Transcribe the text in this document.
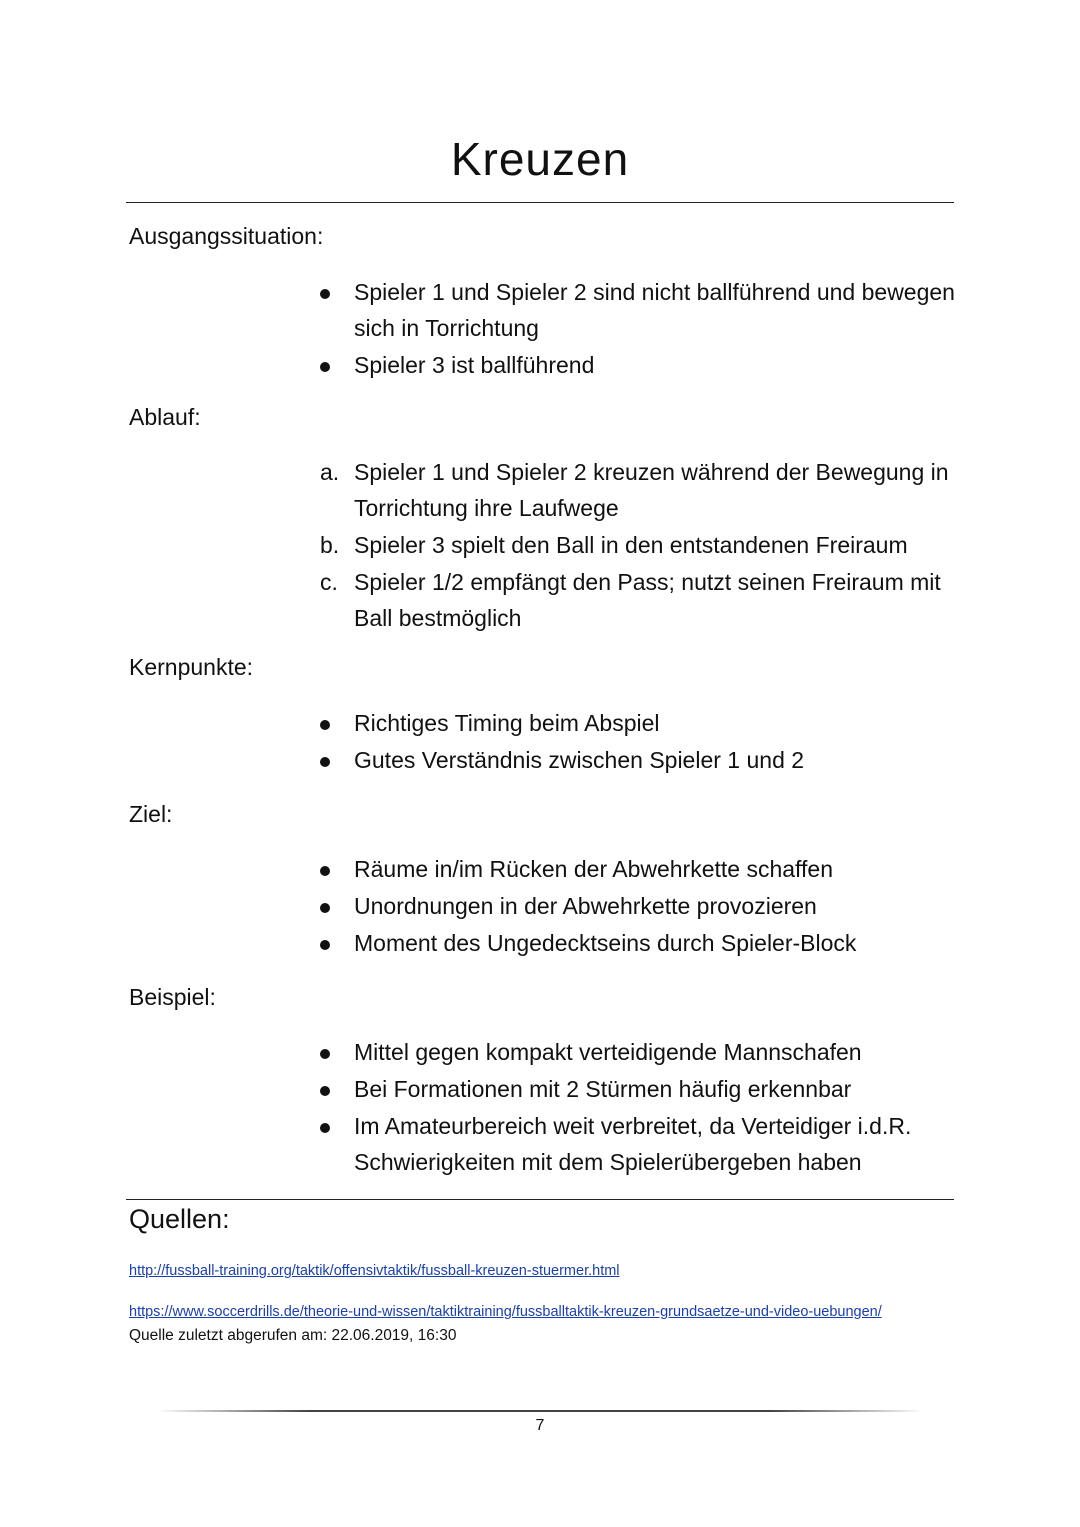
Kreuzen

Ausgangssituation:

Spieler 1 und Spieler 2 sind nicht ballführend und bewegen sich in Torrichtung
Spieler 3 ist ballführend

Ablauf:

a. Spieler 1 und Spieler 2 kreuzen während der Bewegung in Torrichtung ihre Laufwege
b. Spieler 3 spielt den Ball in den entstandenen Freiraum
c. Spieler 1/2 empfängt den Pass; nutzt seinen Freiraum mit Ball bestmöglich

Kernpunkte:

Richtiges Timing beim Abspiel
Gutes Verständnis zwischen Spieler 1 und 2

Ziel:

Räume in/im Rücken der Abwehrkette schaffen
Unordnungen in der Abwehrkette provozieren
Moment des Ungedecktseins durch Spieler-Block

Beispiel:

Mittel gegen kompakt verteidigende Mannschafen
Bei Formationen mit 2 Stürmen häufig erkennbar
Im Amateurbereich weit verbreitet, da Verteidiger i.d.R. Schwierigkeiten mit dem Spielerübergeben haben

Quellen:

http://fussball-training.org/taktik/offensivtaktik/fussball-kreuzen-stuermer.html
https://www.soccerdrills.de/theorie-und-wissen/taktiktraining/fussballtaktik-kreuzen-grundsaetze-und-video-uebungen/
Quelle zuletzt abgerufen am: 22.06.2019, 16:30
7
